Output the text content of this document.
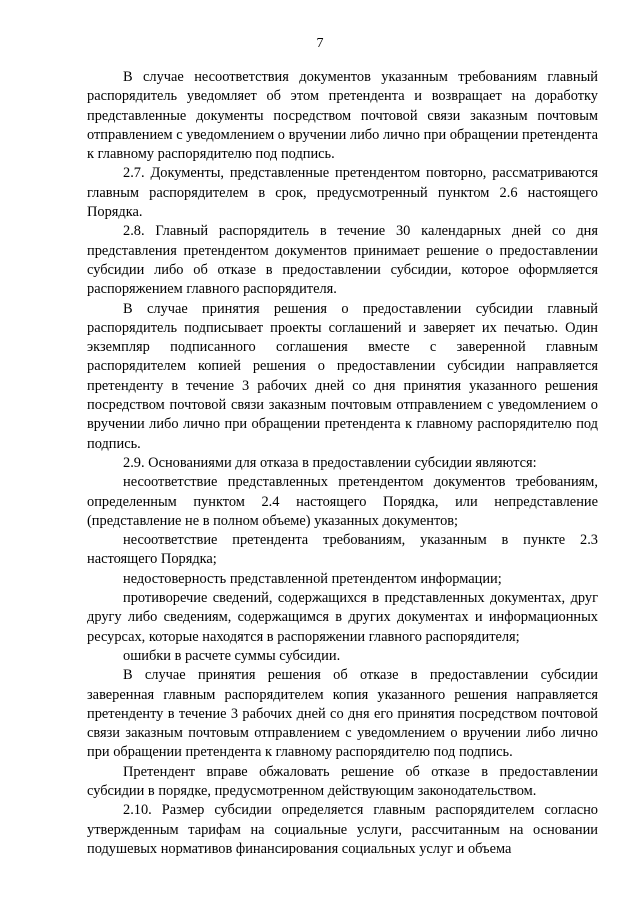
7

В случае несоответствия документов указанным требованиям главный распорядитель уведомляет об этом претендента и возвращает на доработку представленные документы посредством почтовой связи заказным почтовым отправлением с уведомлением о вручении либо лично при обращении претендента к главному распорядителю под подпись.

2.7. Документы, представленные претендентом повторно, рассматриваются главным распорядителем в срок, предусмотренный пунктом 2.6 настоящего Порядка.

2.8. Главный распорядитель в течение 30 календарных дней со дня представления претендентом документов принимает решение о предоставлении субсидии либо об отказе в предоставлении субсидии, которое оформляется распоряжением главного распорядителя.

В случае принятия решения о предоставлении субсидии главный распорядитель подписывает проекты соглашений и заверяет их печатью. Один экземпляр подписанного соглашения вместе с заверенной главным распорядителем копией решения о предоставлении субсидии направляется претенденту в течение 3 рабочих дней со дня принятия указанного решения посредством почтовой связи заказным почтовым отправлением с уведомлением о вручении либо лично при обращении претендента к главному распорядителю под подпись.

2.9. Основаниями для отказа в предоставлении субсидии являются:

несоответствие представленных претендентом документов требованиям, определенным пунктом 2.4 настоящего Порядка, или непредставление (представление не в полном объеме) указанных документов;

несоответствие претендента требованиям, указанным в пункте 2.3 настоящего Порядка;

недостоверность представленной претендентом информации;

противоречие сведений, содержащихся в представленных документах, друг другу либо сведениям, содержащимся в других документах и информационных ресурсах, которые находятся в распоряжении главного распорядителя;

ошибки в расчете суммы субсидии.

В случае принятия решения об отказе в предоставлении субсидии заверенная главным распорядителем копия указанного решения направляется претенденту в течение 3 рабочих дней со дня его принятия посредством почтовой связи заказным почтовым отправлением с уведомлением о вручении либо лично при обращении претендента к главному распорядителю под подпись.

Претендент вправе обжаловать решение об отказе в предоставлении субсидии в порядке, предусмотренном действующим законодательством.

2.10. Размер субсидии определяется главным распорядителем согласно утвержденным тарифам на социальные услуги, рассчитанным на основании подушевых нормативов финансирования социальных услуг и объема
